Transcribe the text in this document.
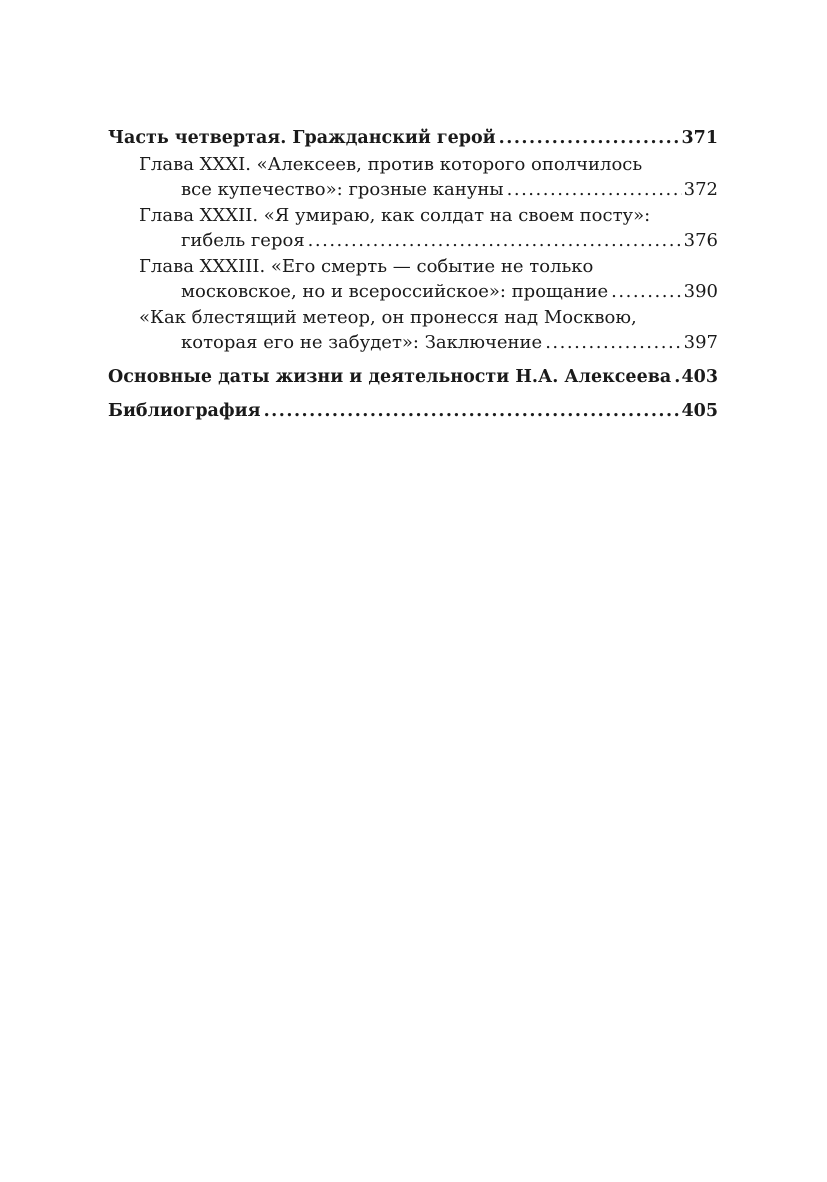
Часть четвертая. Гражданский герой .....	371
Глава XXXI. «Алексеев, против которого ополчилось
все купечество»: грозные кануны .....	372
Глава XXXII. «Я умираю, как солдат на своем посту»:
гибель героя .....	376
Глава XXXIII. «Его смерть — событие не только
московское, но и всероссийское»: прощание .....	390
«Как блестящий метеор, он пронесся над Москвою,
которая его не забудет»: Заключение .....	397
Основные даты жизни и деятельности Н.А. Алексеева ..... 403
Библиография .....	405
